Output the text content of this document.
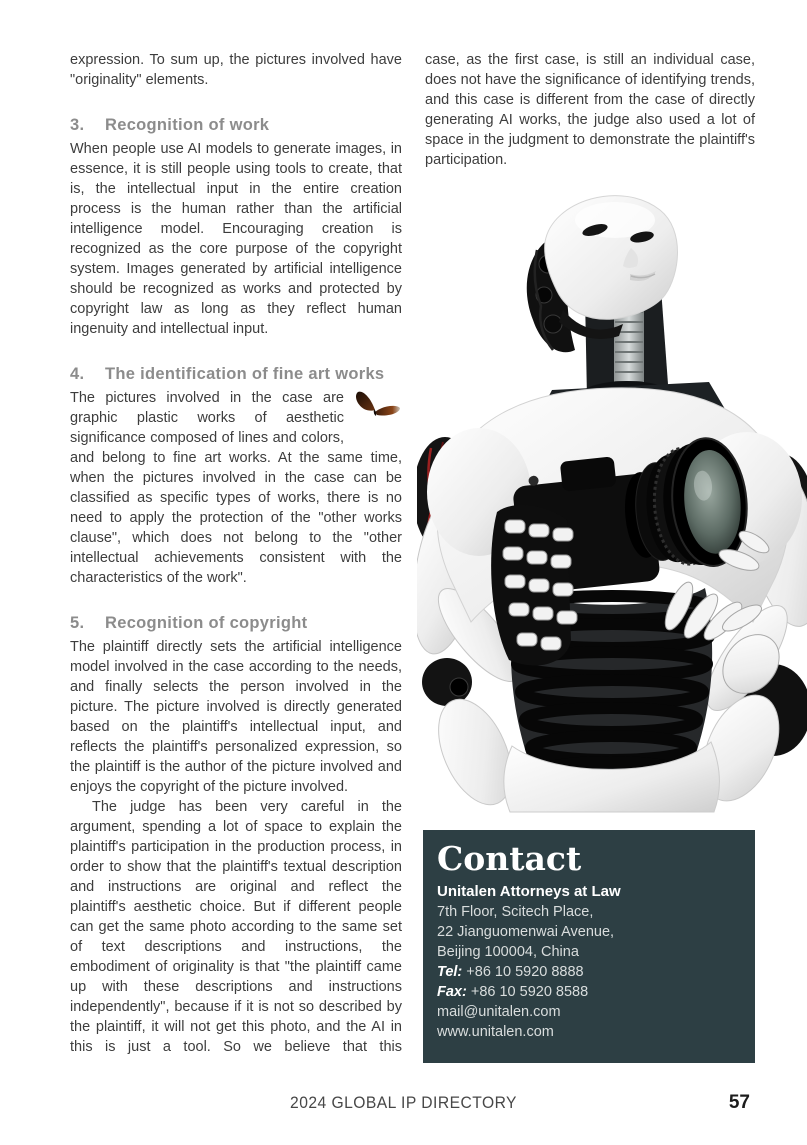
expression. To sum up, the pictures involved have "originality" elements.

3. Recognition of work

When people use AI models to generate images, in essence, it is still people using tools to create, that is, the intellectual input in the entire creation process is the human rather than the artificial intelligence model. Encouraging creation is recognized as the core purpose of the copyright system. Images generated by artificial intelligence should be recognized as works and protected by copyright law as long as they reflect human ingenuity and intellectual input.

4. The identification of fine art works

The pictures involved in the case are graphic plastic works of aesthetic significance composed of lines and colors, and belong to fine art works. At the same time, when the pictures involved in the case can be classified as specific types of works, there is no need to apply the protection of the "other works clause", which does not belong to the "other intellectual achievements consistent with the characteristics of the work".

5. Recognition of copyright

The plaintiff directly sets the artificial intelligence model involved in the case according to the needs, and finally selects the person involved in the picture. The picture involved is directly generated based on the plaintiff's intellectual input, and reflects the plaintiff's personalized expression, so the plaintiff is the author of the picture involved and enjoys the copyright of the picture involved.

The judge has been very careful in the argument, spending a lot of space to explain the plaintiff's participation in the production process, in order to show that the plaintiff's textual description and instructions are original and reflect the plaintiff's aesthetic choice. But if different people can get the same photo according to the same set of text descriptions and instructions, the embodiment of originality is that "the plaintiff came up with these descriptions and instructions independently", because if it is not so described by the plaintiff, it will not get this photo, and the AI in this is just a tool. So we believe that this

case, as the first case, is still an individual case, does not have the significance of identifying trends, and this case is different from the case of directly generating AI works, the judge also used a lot of space in the judgment to demonstrate the plaintiff's participation.

Contact
Unitalen Attorneys at Law
7th Floor, Scitech Place,
22 Jianguomenwai Avenue,
Beijing 100004, China
Tel: +86 10 5920 8888
Fax: +86 10 5920 8588
mail@unitalen.com
www.unitalen.com
2024 GLOBAL IP DIRECTORY	57
